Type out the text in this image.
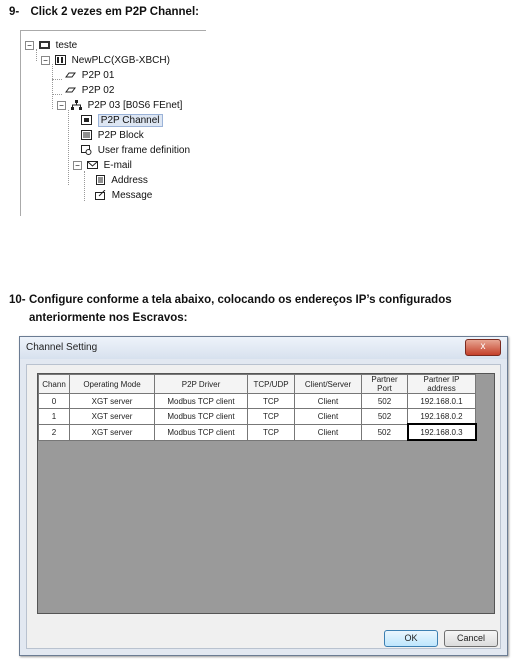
9- Click 2 vezes em P2P Channel:
− teste
− NewPLC(XGB-XBCH)
P2P 01
P2P 02
− P2P 03 [B0S6 FEnet]
P2P Channel
P2P Block
User frame definition
− E-mail
Address
Message
10- Configure conforme a tela abaixo, colocando os endereços IP’s configurados anteriormente nos Escravos:
Channel Setting	x
Chann	Operating Mode	P2P Driver	TCP/UDP	Client/Server	Partner Port	Partner IP address
0	XGT server	Modbus TCP client	TCP	Client	502	192.168.0.1
1	XGT server	Modbus TCP client	TCP	Client	502	192.168.0.2
2	XGT server	Modbus TCP client	TCP	Client	502	192.168.0.3
OK	Cancel
